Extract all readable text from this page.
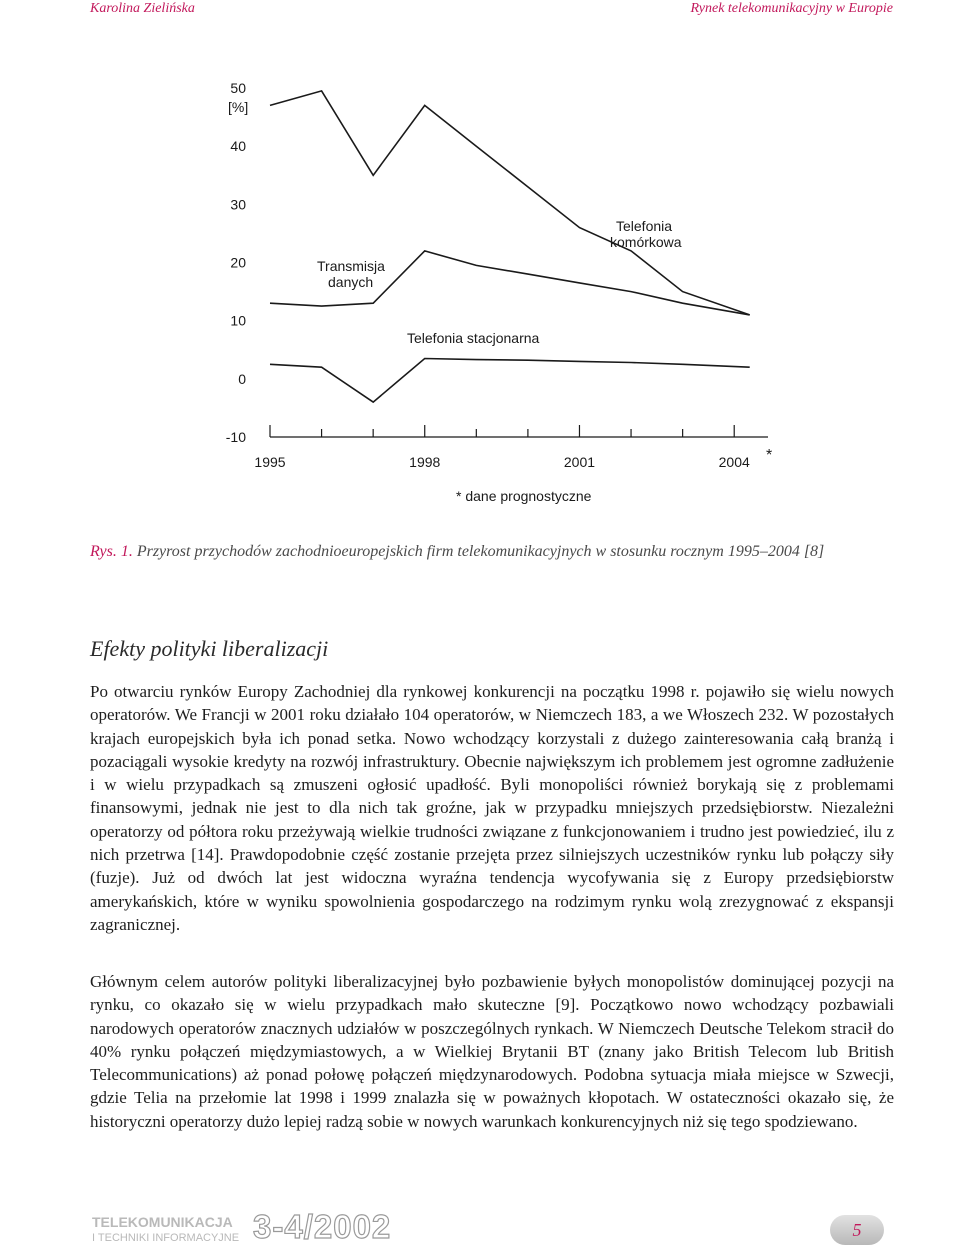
Karolina Zielińska	Rynek telekomunikacyjny w Europie
-10
0
10
20
30
40
50
[%]
1995	1998	2001	2004 *
Transmisja
danych
Telefonia
komórkowa
Telefonia stacjonarna
* dane prognostyczne
Rys. 1. Przyrost przychodów zachodnioeuropejskich firm telekomunikacyjnych w stosunku rocznym 1995–2004 [8]
Efekty polityki liberalizacji

Po otwarciu rynków Europy Zachodniej dla rynkowej konkurencji na początku 1998 r. pojawiło się wielu nowych operatorów. We Francji w 2001 roku działało 104 operatorów, w Niemczech 183, a we Włoszech 232. W pozostałych krajach europejskich była ich ponad setka. Nowo wchodzący korzystali z dużego zainteresowania całą branżą i pozaciągali wysokie kredyty na rozwój infrastruktury. Obecnie największym ich problemem jest ogromne zadłużenie i w wielu przypadkach są zmuszeni ogłosić upadłość. Byli monopoliści również borykają się z problemami finansowymi, jednak nie jest to dla nich tak groźne, jak w przypadku mniejszych przedsiębiorstw. Niezależni operatorzy od półtora roku przeżywają wielkie trudności związane z funkcjonowaniem i trudno jest powiedzieć, ilu z nich przetrwa [14]. Prawdopodobnie część zostanie przejęta przez silniejszych uczestników rynku lub połączy siły (fuzje). Już od dwóch lat jest widoczna wyraźna tendencja wycofywania się z Europy przedsiębiorstw amerykańskich, które w wyniku spowolnienia gospodarczego na rodzimym rynku wolą zrezygnować z ekspansji zagranicznej.

Głównym celem autorów polityki liberalizacyjnej było pozbawienie byłych monopolistów dominującej pozycji na rynku, co okazało się w wielu przypadkach mało skuteczne [9]. Początkowo nowo wchodzący pozbawiali narodowych operatorów znacznych udziałów w poszczególnych rynkach. W Niemczech Deutsche Telekom stracił do 40% rynku połączeń międzymiastowych, a w Wielkiej Brytanii BT (znany jako British Telecom lub British Telecommunications) aż ponad połowę połączeń międzynarodowych. Podobna sytuacja miała miejsce w Szwecji, gdzie Telia na przełomie lat 1998 i 1999 znalazła się w poważnych kłopotach. W ostateczności okazało się, że historyczni operatorzy dużo lepiej radzą sobie w nowych warunkach konkurencyjnych niż się tego spodziewano.

TELEKOMUNIKACJA
I TECHNIKI INFORMACYJNE 3-4/2002	5
